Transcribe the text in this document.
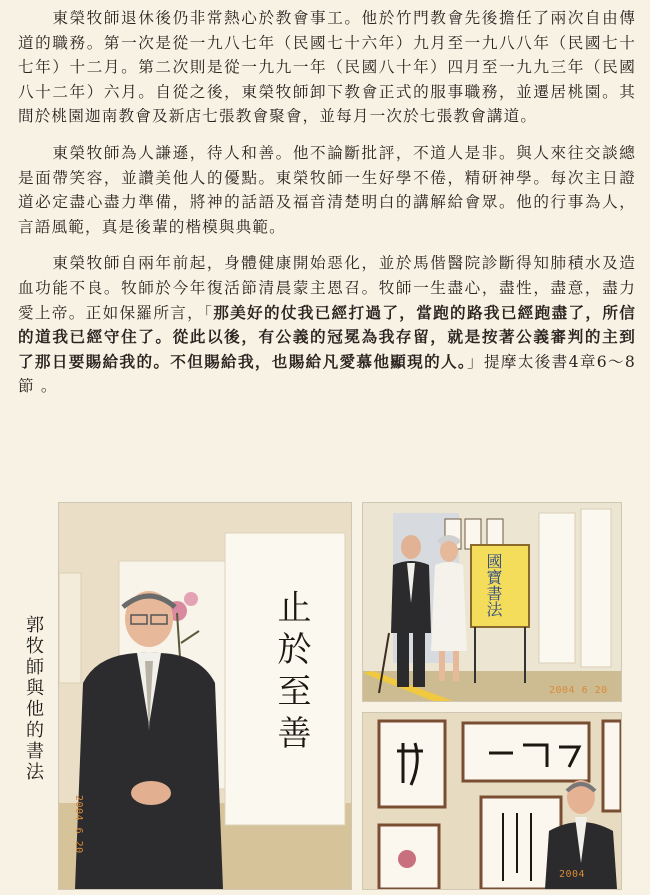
東榮牧師退休後仍非常熱心於教會事工。他於竹門教會先後擔任了兩次自由傳道的職務。第一次是從一九八七年（民國七十六年）九月至一九八八年（民國七十七年）十二月。第二次則是從一九九一年（民國八十年）四月至一九九三年（民國八十二年）六月。自從之後，東榮牧師卸下教會正式的服事職務，並遷居桃園。其間於桃園迦南教會及新店七張教會聚會，並每月一次於七張教會講道。

東榮牧師為人謙遜，待人和善。他不論斷批評，不道人是非。與人來往交談總是面帶笑容，並讚美他人的優點。東榮牧師一生好學不倦，精研神學。每次主日證道必定盡心盡力準備，將神的話語及福音清楚明白的講解給會眾。他的行事為人，言語風範，真是後輩的楷模與典範。

東榮牧師自兩年前起，身體健康開始惡化，並於馬偕醫院診斷得知肺積水及造血功能不良。牧師於今年復活節清晨蒙主恩召。牧師一生盡心，盡性，盡意，盡力愛上帝。正如保羅所言，「那美好的仗我已經打過了，當跑的路我已經跑盡了，所信的道我已經守住了。從此以後，有公義的冠冕為我存留，就是按著公義審判的主到了那日要賜給我的。不但賜給我，也賜給凡愛慕他顯現的人。」提摩太後書4章6～8節 。

郭牧師與他的書法	止於至善
2004 6 20
國寶書法
2004 6 20
2004
